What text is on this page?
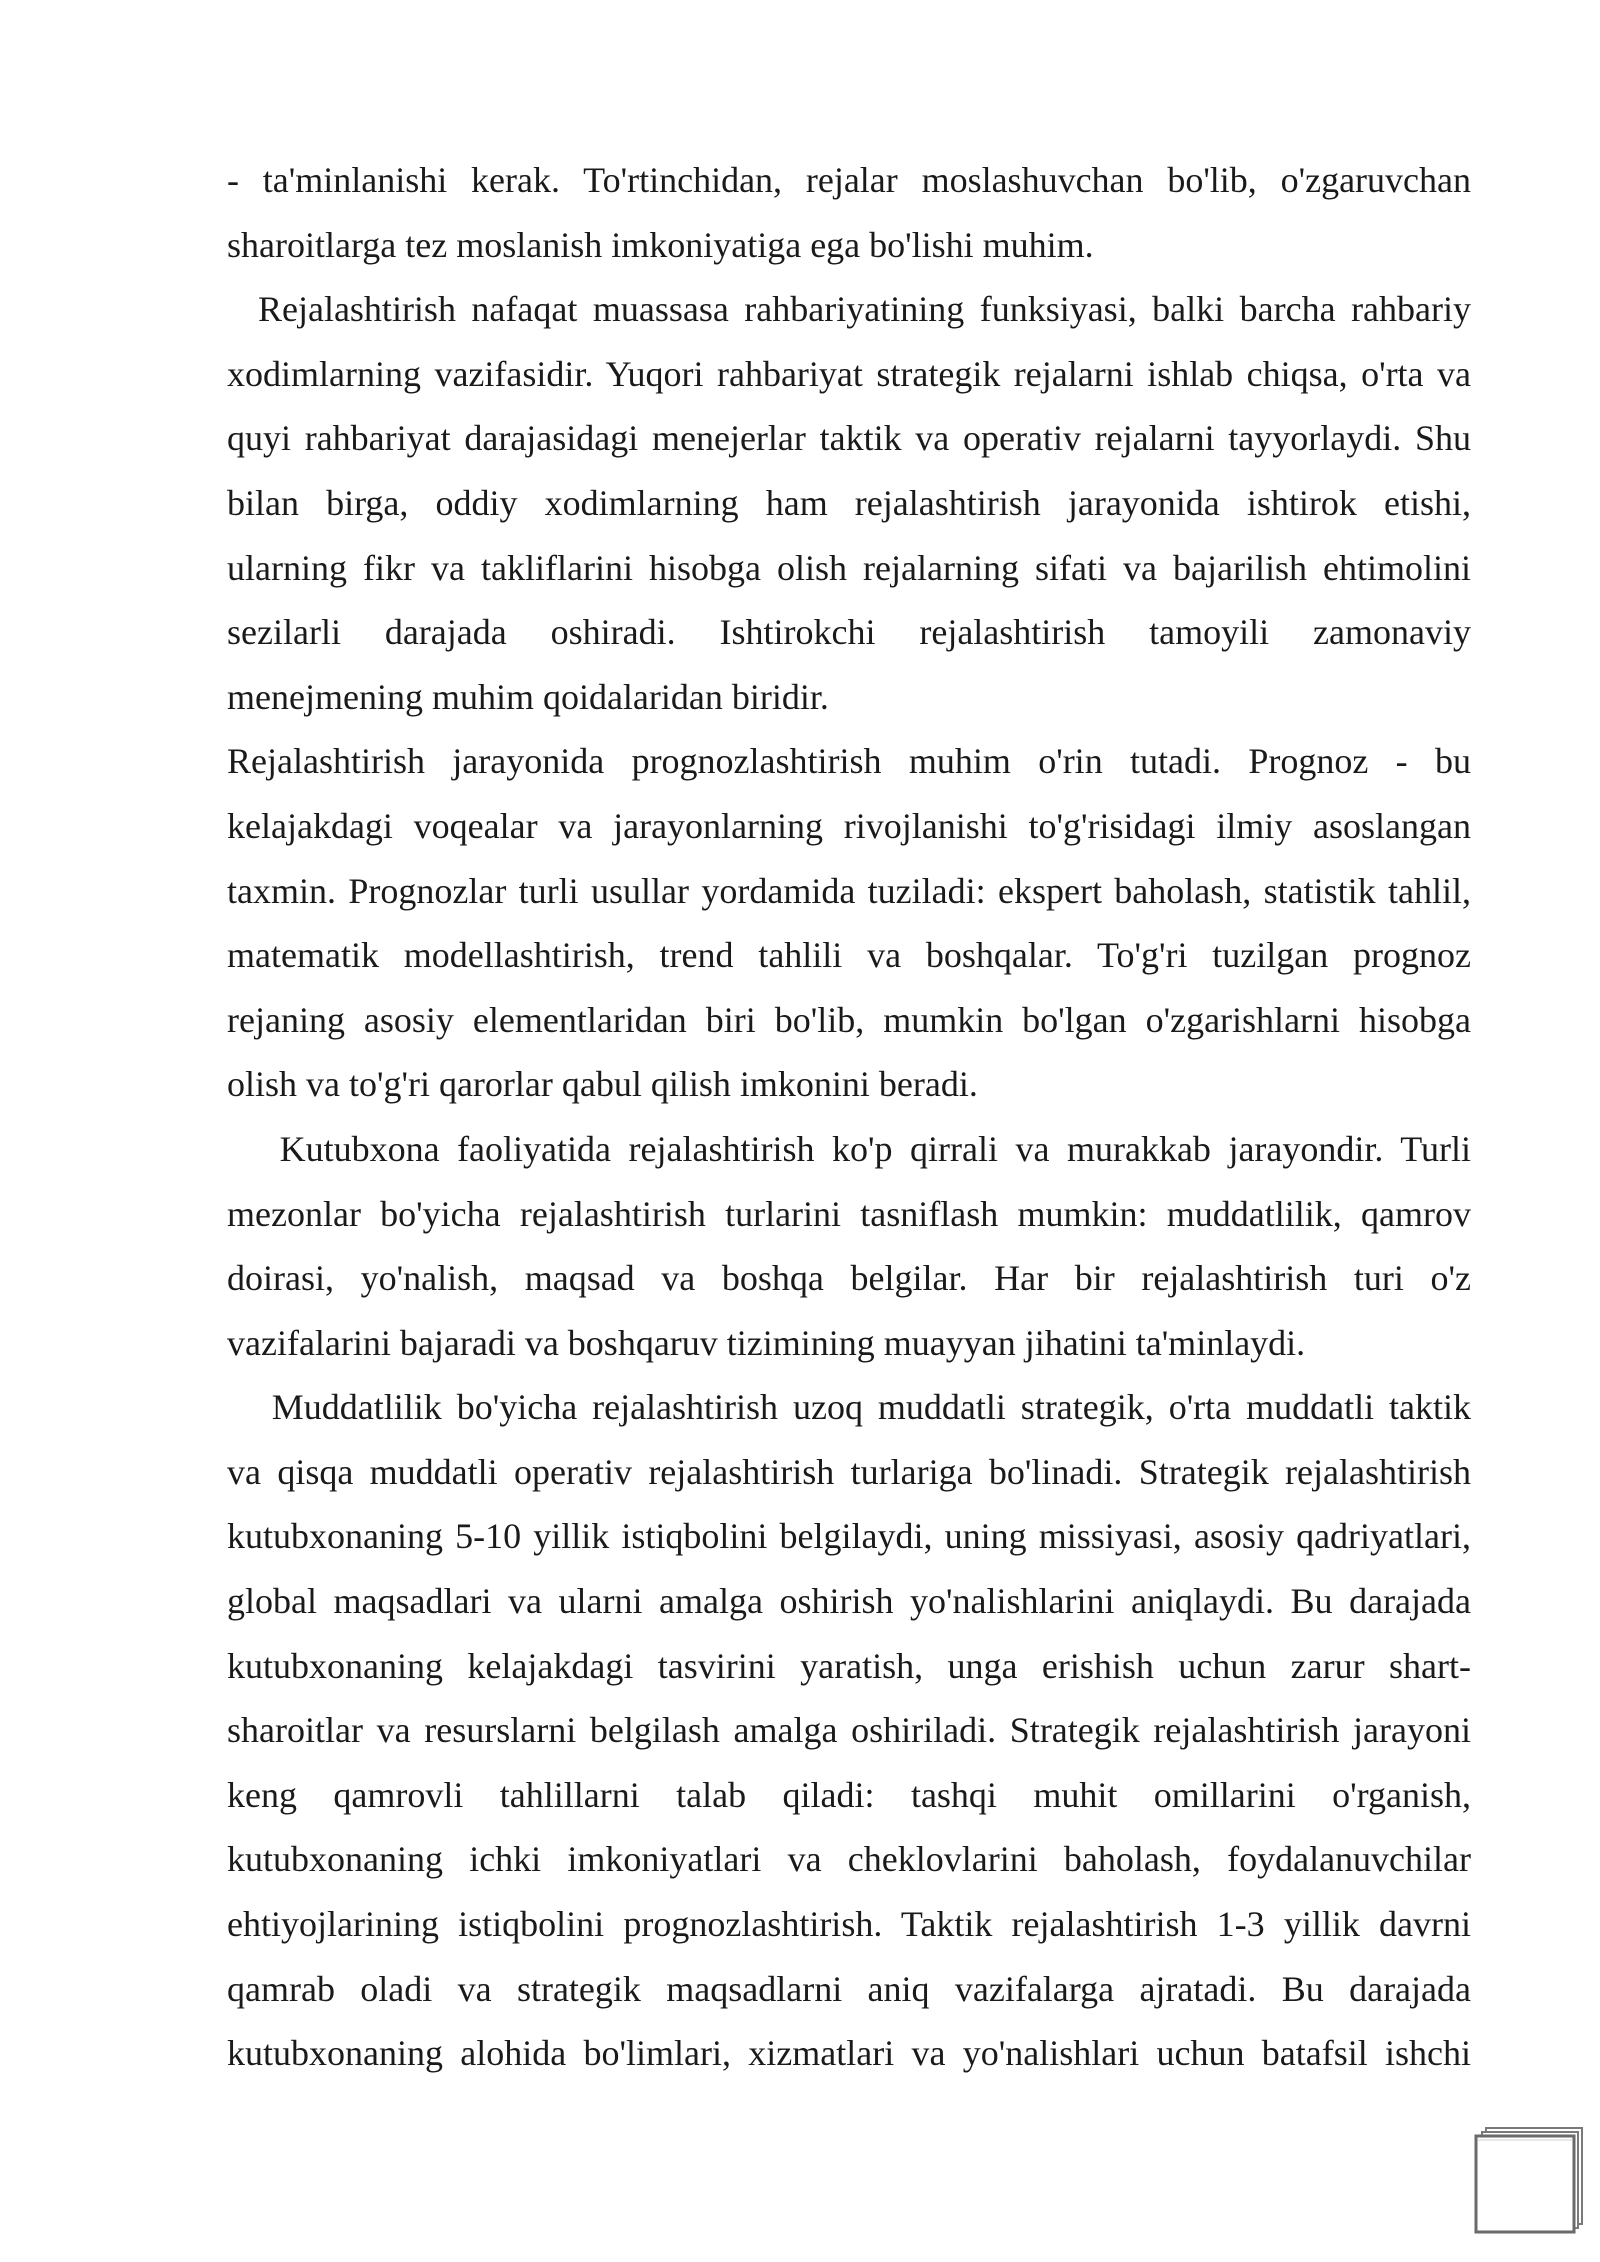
- ta'minlanishi kerak. To'rtinchidan, rejalar moslashuvchan bo'lib, o'zgaruvchan
sharoitlarga tez moslanish imkoniyatiga ega bo'lishi muhim.
Rejalashtirish nafaqat muassasa rahbariyatining funksiyasi, balki barcha rahbariy
xodimlarning vazifasidir. Yuqori rahbariyat strategik rejalarni ishlab chiqsa, o'rta va
quyi rahbariyat darajasidagi menejerlar taktik va operativ rejalarni tayyorlaydi. Shu
bilan birga, oddiy xodimlarning ham rejalashtirish jarayonida ishtirok etishi,
ularning fikr va takliflarini hisobga olish rejalarning sifati va bajarilish ehtimolini
sezilarli darajada oshiradi. Ishtirokchi rejalashtirish tamoyili zamonaviy
menejmening muhim qoidalaridan biridir.
Rejalashtirish jarayonida prognozlashtirish muhim o'rin tutadi. Prognoz - bu
kelajakdagi voqealar va jarayonlarning rivojlanishi to'g'risidagi ilmiy asoslangan
taxmin. Prognozlar turli usullar yordamida tuziladi: ekspert baholash, statistik tahlil,
matematik modellashtirish, trend tahlili va boshqalar. To'g'ri tuzilgan prognoz
rejaning asosiy elementlaridan biri bo'lib, mumkin bo'lgan o'zgarishlarni hisobga
olish va to'g'ri qarorlar qabul qilish imkonini beradi.
Kutubxona faoliyatida rejalashtirish ko'p qirrali va murakkab jarayondir. Turli
mezonlar bo'yicha rejalashtirish turlarini tasniflash mumkin: muddatlilik, qamrov
doirasi, yo'nalish, maqsad va boshqa belgilar. Har bir rejalashtirish turi o'z
vazifalarini bajaradi va boshqaruv tizimining muayyan jihatini ta'minlaydi.
Muddatlilik bo'yicha rejalashtirish uzoq muddatli strategik, o'rta muddatli taktik
va qisqa muddatli operativ rejalashtirish turlariga bo'linadi. Strategik rejalashtirish
kutubxonaning 5-10 yillik istiqbolini belgilaydi, uning missiyasi, asosiy qadriyatlari,
global maqsadlari va ularni amalga oshirish yo'nalishlarini aniqlaydi. Bu darajada
kutubxonaning kelajakdagi tasvirini yaratish, unga erishish uchun zarur shart-
sharoitlar va resurslarni belgilash amalga oshiriladi. Strategik rejalashtirish jarayoni
keng qamrovli tahlillarni talab qiladi: tashqi muhit omillarini o'rganish,
kutubxonaning ichki imkoniyatlari va cheklovlarini baholash, foydalanuvchilar
ehtiyojlarining istiqbolini prognozlashtirish. Taktik rejalashtirish 1-3 yillik davrni
qamrab oladi va strategik maqsadlarni aniq vazifalarga ajratadi. Bu darajada
kutubxonaning alohida bo'limlari, xizmatlari va yo'nalishlari uchun batafsil ishchi
